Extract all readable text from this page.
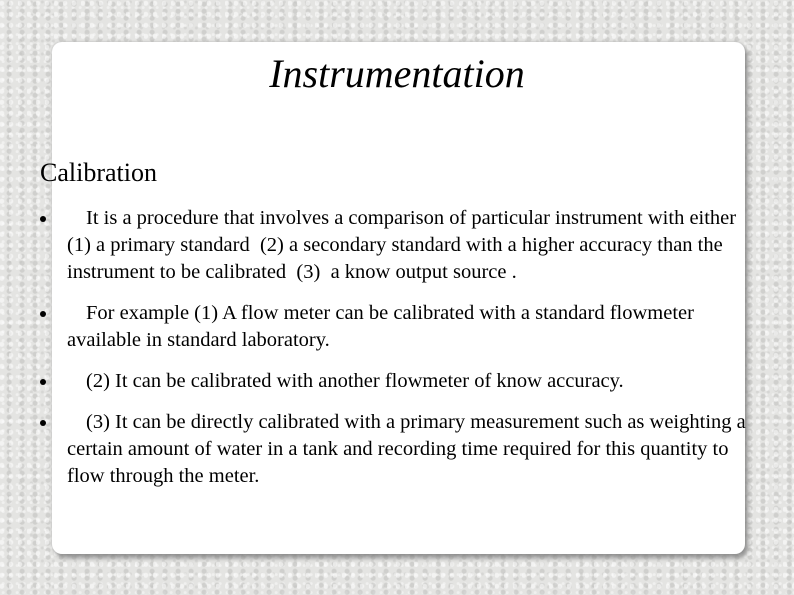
Instrumentation
Calibration
It is a procedure that involves a comparison of particular instrument with either  (1) a primary standard  (2) a secondary standard with a higher accuracy than the instrument to be calibrated  (3)  a know output source .
For example (1) A flow meter can be calibrated with a standard flowmeter available in standard laboratory.
(2) It can be calibrated with another flowmeter of know accuracy.
(3) It can be directly calibrated with a primary measurement such as weighting a certain amount of water in a tank and recording time required for this quantity to flow through the meter.
